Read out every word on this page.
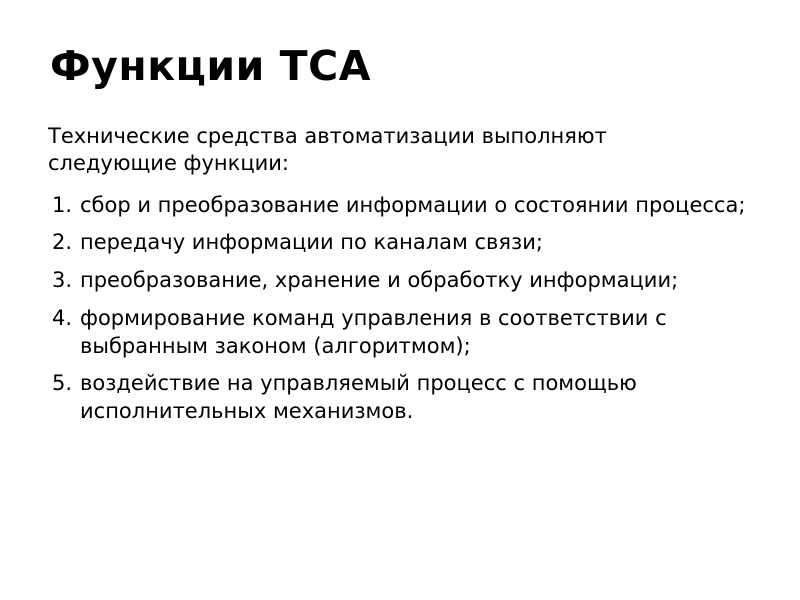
Функции ТСА

Технические средства автоматизации выполняют следующие функции:

1. сбор и преобразование информации о состоянии процесса;
2. передачу информации по каналам связи;
3. преобразование, хранение и обработку информации;
4. формирование команд управления в соответствии с выбранным законом (алгоритмом);
5. воздействие на управляемый процесс с помощью исполнительных механизмов.
